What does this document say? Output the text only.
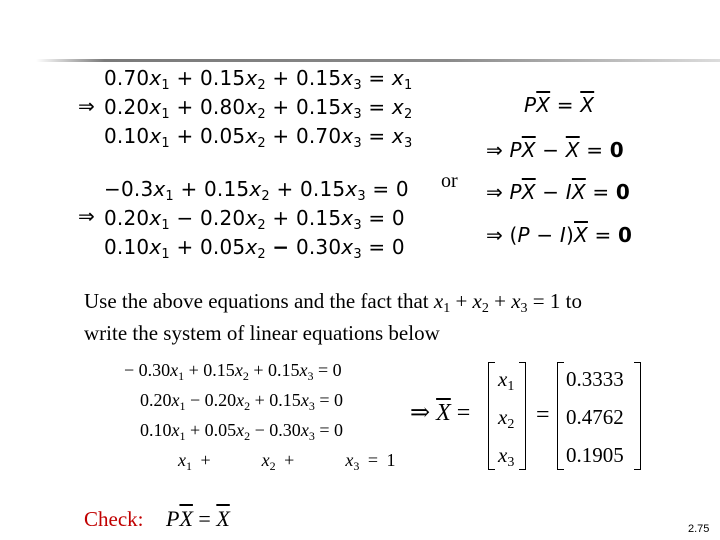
$0.70x_1 + 0.15x_2 + 0.15x_3 = x_1$
$0.20x_1 + 0.80x_2 + 0.15x_3 = x_2$
$0.10x_1 + 0.05x_2 + 0.70x_3 = x_3$
⇒
$-0.3x_1 + 0.15x_2 + 0.15x_3 = 0$
$0.20x_1 - 0.20x_2 + 0.15x_3 = 0$
$0.10x_1 + 0.05x_2 - 0.30x_3 = 0$
⇒
or
$P\overline{X} = \overline{X}$
⇒ $P\overline{X} - \overline{X} = 0$
⇒ $P\overline{X} - I\overline{X} = 0$
⇒ $(P - I)\overline{X} = 0$
Use the above equations and the fact that $x_1 + x_2 + x_3 = 1$ to
write the system of linear equations below
− $0.30x_1 + 0.15x_2 + 0.15x_3 = 0$
$0.20x_1 - 0.20x_2 + 0.15x_3 = 0$
$0.10x_1 + 0.05x_2 - 0.30x_3 = 0$
$x_1$ +	$x_2$ +	$x_3 = 1$
⇒ $\overline{X}$ =
$x_1$
$x_2$
$x_3$
=
0.3333
0.4762
0.1905
Check: $P\overline{X} = \overline{X}$	2.75
